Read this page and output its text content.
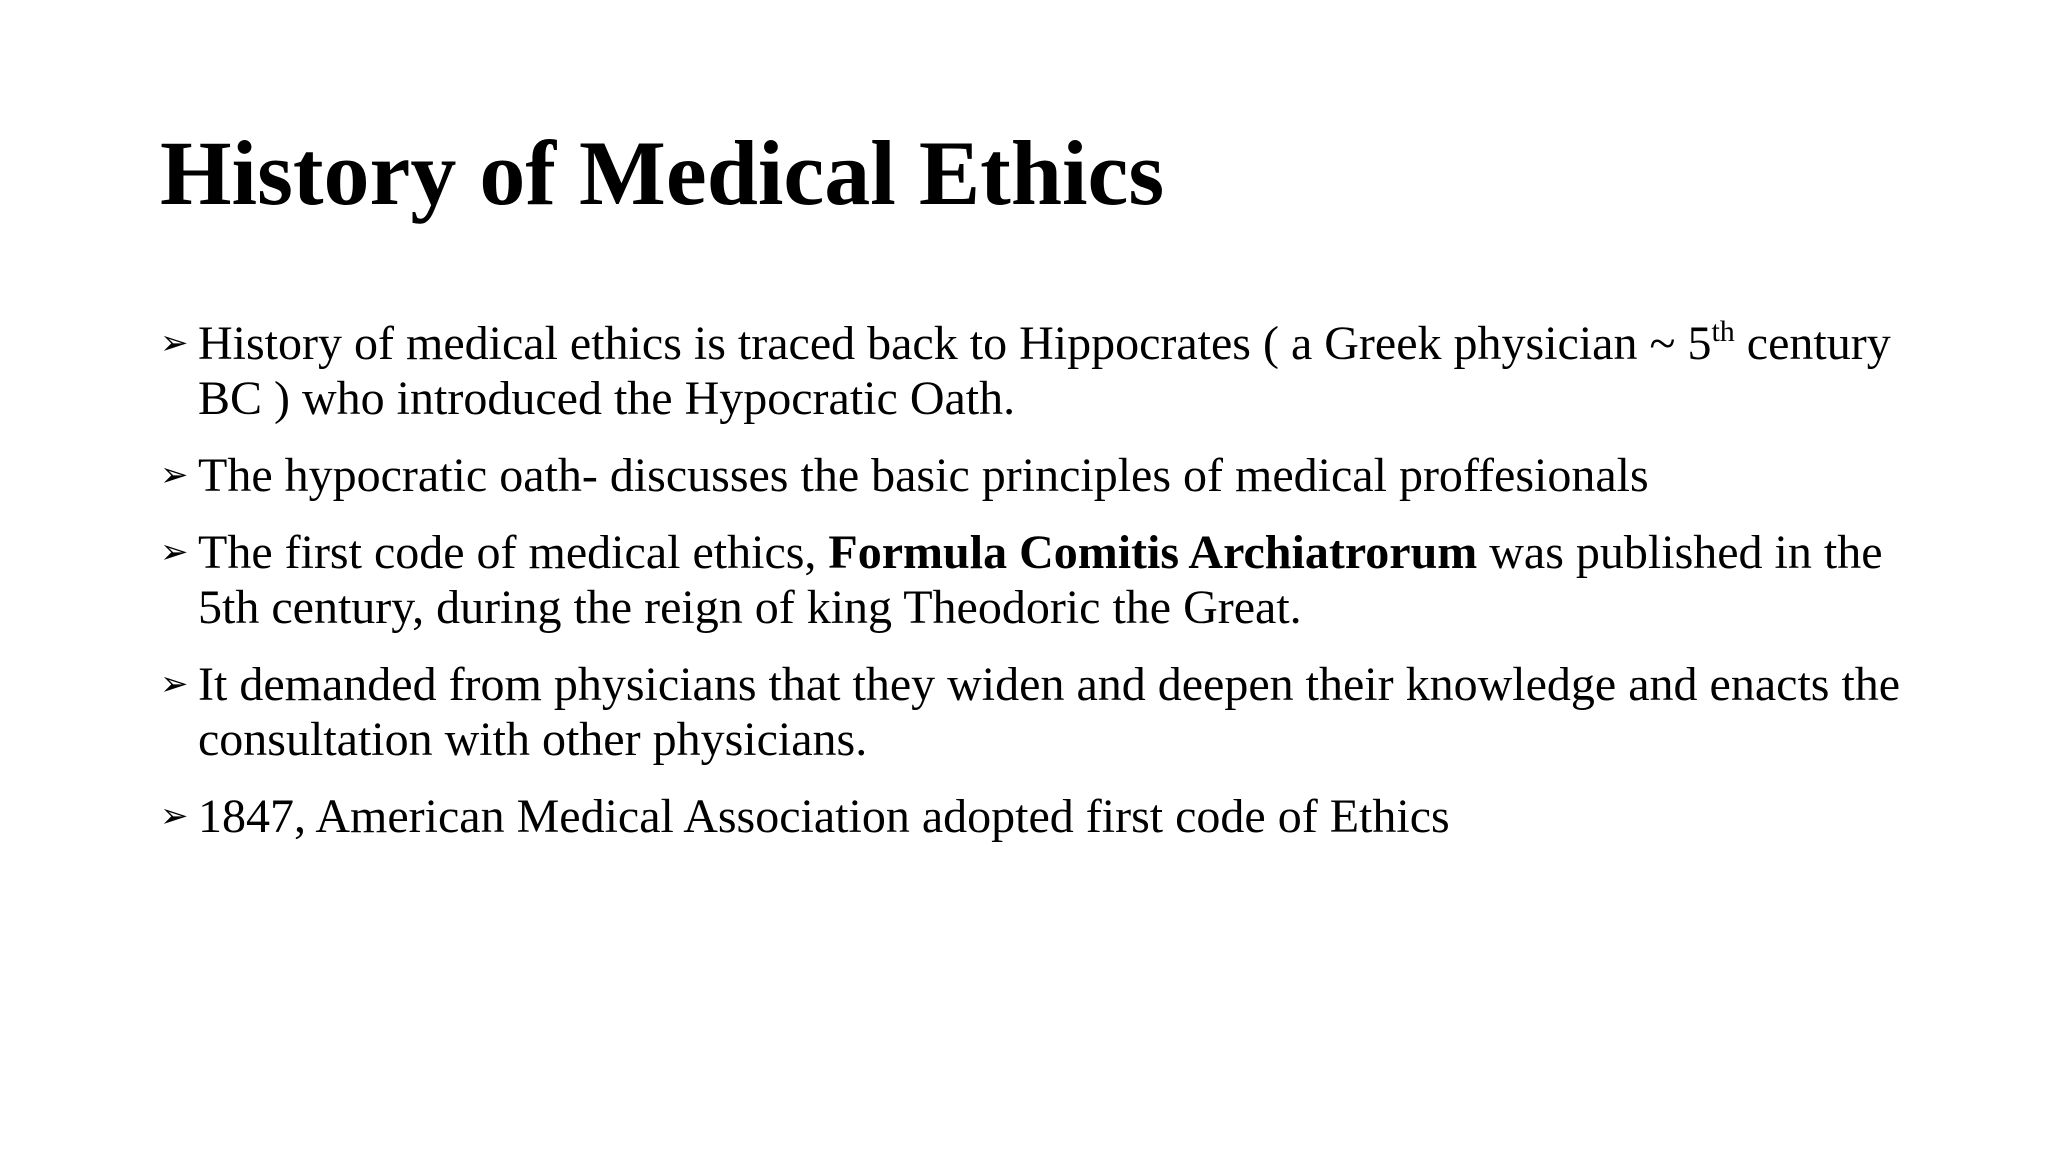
History of Medical Ethics
➢ History of medical ethics is traced back to Hippocrates ( a Greek physician ~ 5th century BC ) who introduced the Hypocratic Oath.
➢ The hypocratic oath- discusses the basic principles of medical proffesionals
➢ The first code of medical ethics, Formula Comitis Archiatrorum was published in the 5th century, during the reign of king Theodoric the Great.
➢ It demanded from physicians that they widen and deepen their knowledge and enacts the consultation with other physicians.
➢ 1847, American Medical Association adopted first code of Ethics
